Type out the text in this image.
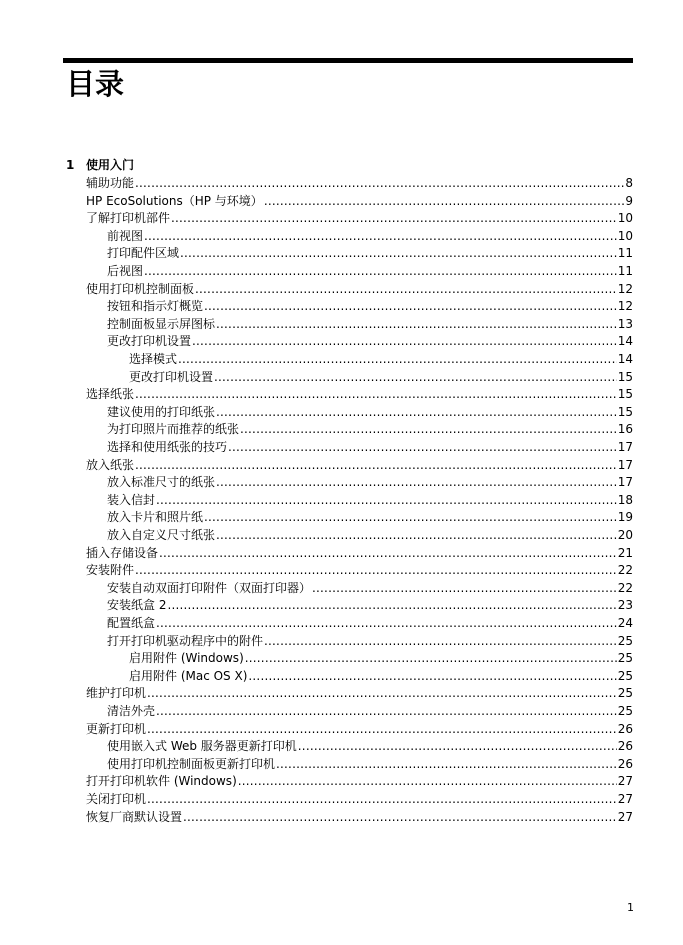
目录
1 使用入门
辅助功能 .....	8
HP EcoSolutions（HP 与环境） .....	9
了解打印机部件 .....	10
前视图 .....	10
打印配件区域 .....	11
后视图 .....	11
使用打印机控制面板 .....	12
按钮和指示灯概览 .....	12
控制面板显示屏图标 .....	13
更改打印机设置 .....	14
选择模式 .....	14
更改打印机设置 .....	15
选择纸张 .....	15
建议使用的打印纸张 .....	15
为打印照片而推荐的纸张 .....	16
选择和使用纸张的技巧 .....	17
放入纸张 .....	17
放入标准尺寸的纸张 .....	17
装入信封 .....	18
放入卡片和照片纸 .....	19
放入自定义尺寸纸张 .....	20
插入存储设备 .....	21
安装附件 .....	22
安装自动双面打印附件（双面打印器） .....	22
安装纸盒 2 .....	23
配置纸盒 .....	24
打开打印机驱动程序中的附件 .....	25
启用附件 (Windows) .....	25
启用附件 (Mac OS X) .....	25
维护打印机 .....	25
清洁外壳 .....	25
更新打印机 .....	26
使用嵌入式 Web 服务器更新打印机 .....	26
使用打印机控制面板更新打印机 .....	26
打开打印机软件 (Windows) .....	27
关闭打印机 .....	27
恢复厂商默认设置 .....	27
1
